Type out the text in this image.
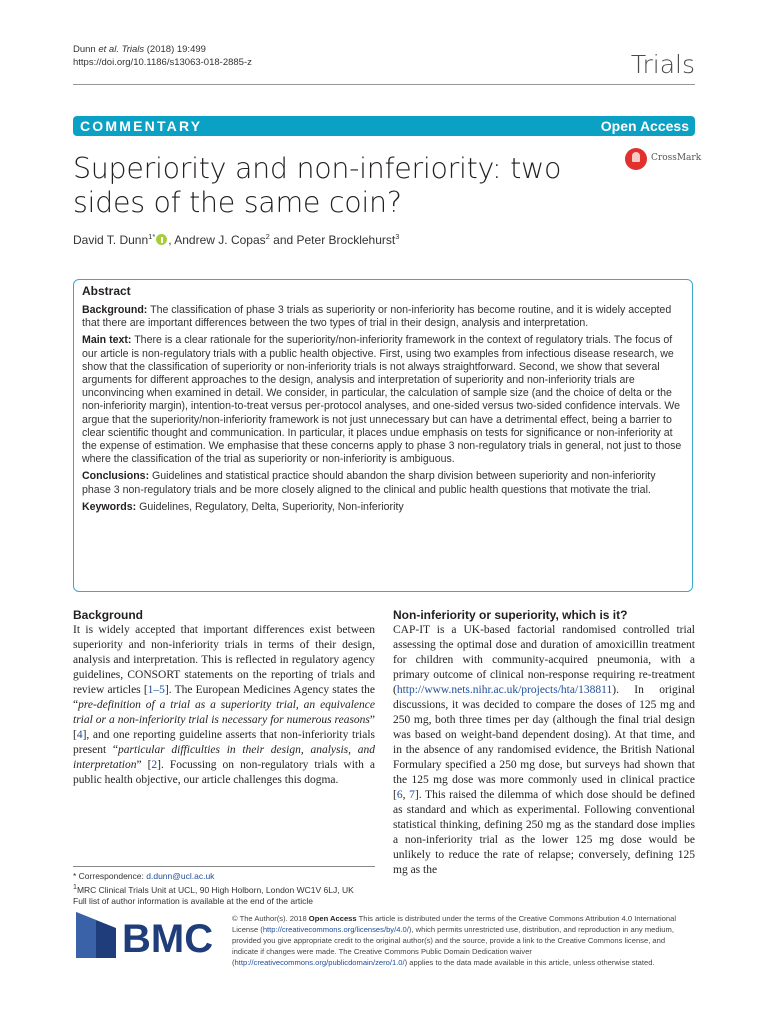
Dunn et al. Trials (2018) 19:499
https://doi.org/10.1186/s13063-018-2885-z	Trials
COMMENTARY	Open Access
Superiority and non-inferiority: two sides of the same coin?
CrossMark
David T. Dunn$^{1*}$ , Andrew J. Copas$^2$ and Peter Brocklehurst$^3$
Abstract

Background: The classification of phase 3 trials as superiority or non-inferiority has become routine, and it is widely accepted that there are important differences between the two types of trial in their design, analysis and interpretation.

Main text: There is a clear rationale for the superiority/non-inferiority framework in the context of regulatory trials. The focus of our article is non-regulatory trials with a public health objective. First, using two examples from infectious disease research, we show that the classification of superiority or non-inferiority trials is not always straightforward. Second, we show that several arguments for different approaches to the design, analysis and interpretation of superiority and non-inferiority trials are unconvincing when examined in detail. We consider, in particular, the calculation of sample size (and the choice of delta or the non-inferiority margin), intention-to-treat versus per-protocol analyses, and one-sided versus two-sided confidence intervals. We argue that the superiority/non-inferiority framework is not just unnecessary but can have a detrimental effect, being a barrier to clear scientific thought and communication. In particular, it places undue emphasis on tests for significance or non-inferiority at the expense of estimation. We emphasise that these concerns apply to phase 3 non-regulatory trials in general, not just to those where the classification of the trial as superiority or non-inferiority is ambiguous.

Conclusions: Guidelines and statistical practice should abandon the sharp division between superiority and non-inferiority phase 3 non-regulatory trials and be more closely aligned to the clinical and public health questions that motivate the trial.

Keywords: Guidelines, Regulatory, Delta, Superiority, Non-inferiority

Background

It is widely accepted that important differences exist between superiority and non-inferiority trials in terms of their design, analysis and interpretation. This is reflected in regulatory agency guidelines, CONSORT statements on the reporting of trials and review articles [1–5]. The European Medicines Agency states the “pre-definition of a trial as a superiority trial, an equivalence trial or a non-inferiority trial is necessary for numerous reasons” [4], and one reporting guideline asserts that non-inferiority trials present “particular difficulties in their design, analysis, and interpretation” [2]. Focussing on non-regulatory trials with a public health objective, our article challenges this dogma.

Non-inferiority or superiority, which is it?

CAP-IT is a UK-based factorial randomised controlled trial assessing the optimal dose and duration of amoxicillin treatment for children with community-acquired pneumonia, with a primary outcome of clinical non-response requiring re-treatment (http://www.nets.nihr.ac.uk/projects/hta/138811). In original discussions, it was decided to compare the doses of 125 mg and 250 mg, both three times per day (although the final trial design was based on weight-band dependent dosing). At that time, and in the absence of any randomised evidence, the British National Formulary specified a 250 mg dose, but surveys had shown that the 125 mg dose was more commonly used in clinical practice [6, 7]. This raised the dilemma of which dose should be defined as standard and which as experimental. Following conventional statistical thinking, defining 250 mg as the standard dose implies a non-inferiority trial as the lower 125 mg dose would be unlikely to reduce the rate of relapse; conversely, defining 125 mg as the

* Correspondence: d.dunn@ucl.ac.uk
$^1$MRC Clinical Trials Unit at UCL, 90 High Holborn, London WC1V 6LJ, UK
Full list of author information is available at the end of the article
BMC © The Author(s). 2018 Open Access This article is distributed under the terms of the Creative Commons Attribution 4.0 International License (http://creativecommons.org/licenses/by/4.0/), which permits unrestricted use, distribution, and reproduction in any medium, provided you give appropriate credit to the original author(s) and the source, provide a link to the Creative Commons license, and indicate if changes were made. The Creative Commons Public Domain Dedication waiver (http://creativecommons.org/publicdomain/zero/1.0/) applies to the data made available in this article, unless otherwise stated.
